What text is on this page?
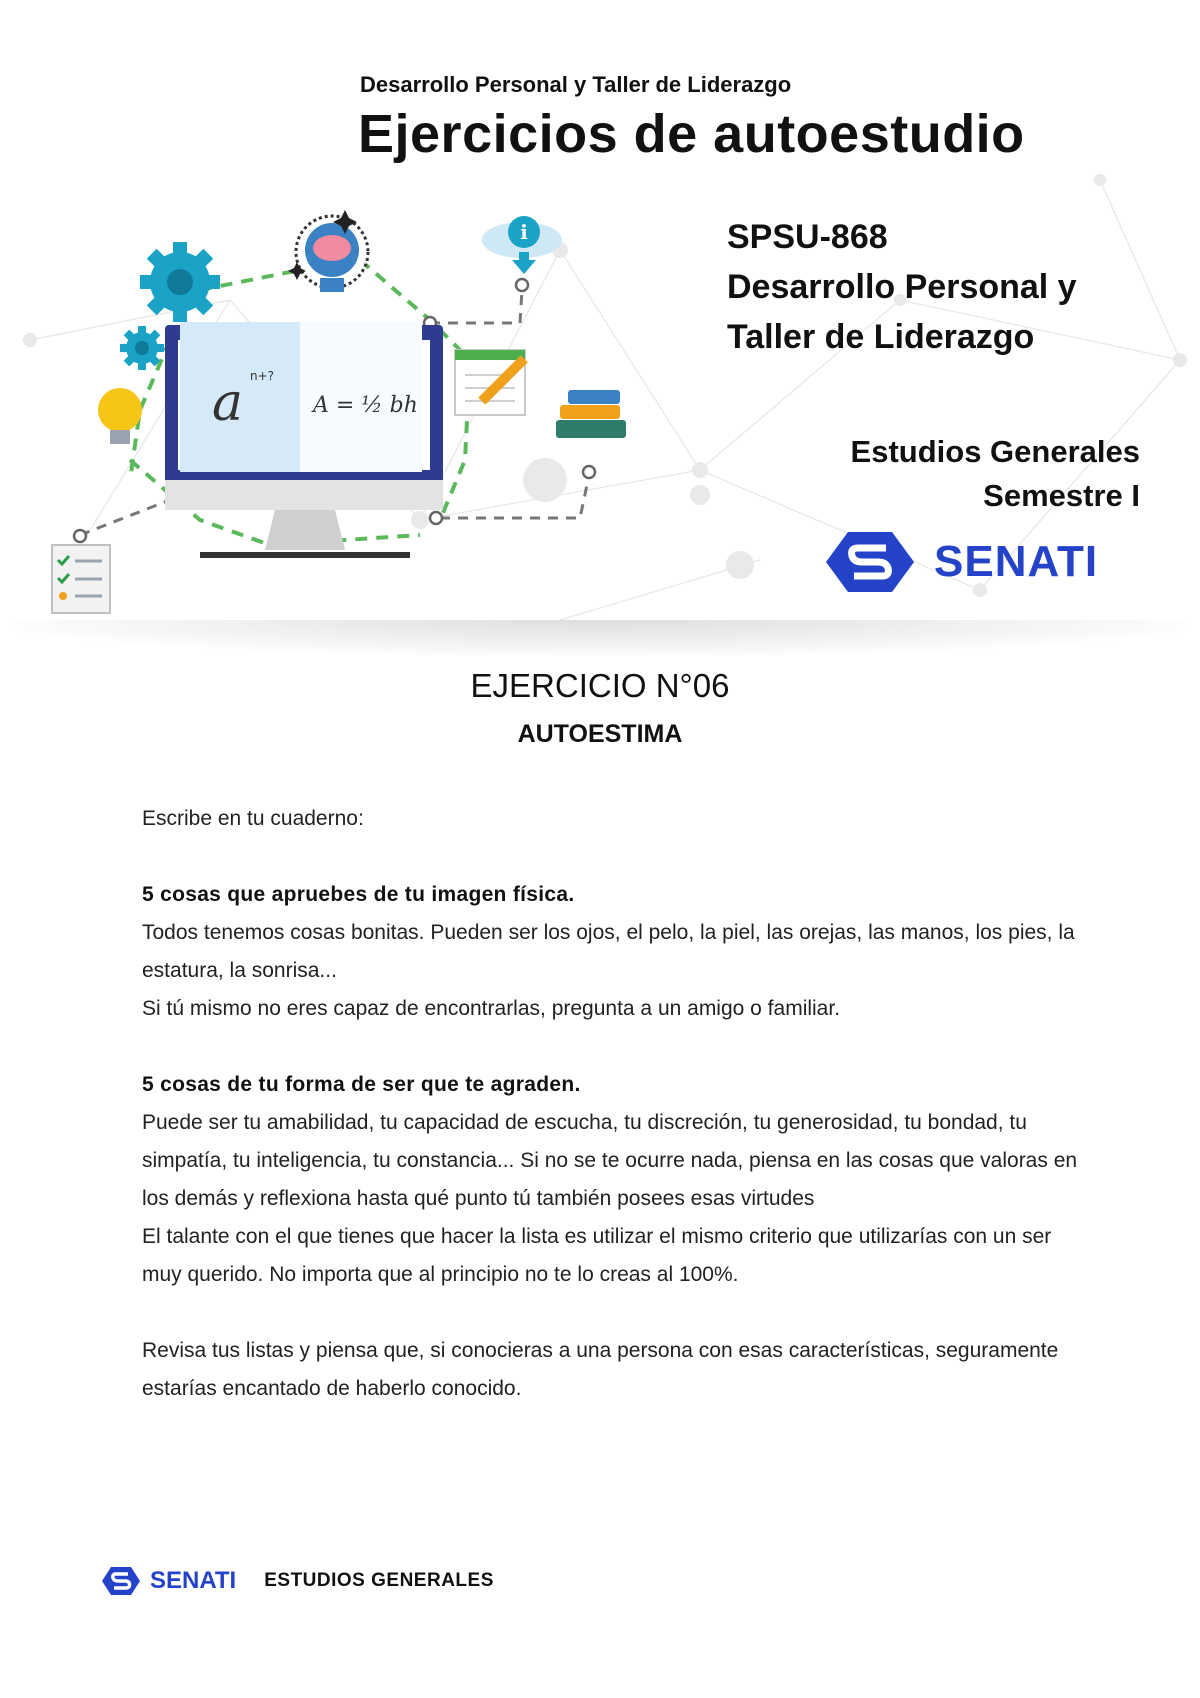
Desarrollo Personal y Taller de Liderazgo
Ejercicios de autoestudio
i
a n+?
A = ½ bh
SPSU-868
Desarrollo Personal y Taller de Liderazgo
Estudios Generales
Semestre I
SENATI
EJERCICIO N°06
AUTOESTIMA

Escribe en tu cuaderno:

5 cosas que apruebes de tu imagen física.

Todos tenemos cosas bonitas. Pueden ser los ojos, el pelo, la piel, las orejas, las manos, los pies, la estatura, la sonrisa...

Si tú mismo no eres capaz de encontrarlas, pregunta a un amigo o familiar.

5 cosas de tu forma de ser que te agraden.

Puede ser tu amabilidad, tu capacidad de escucha, tu discreción, tu generosidad, tu bondad, tu simpatía, tu inteligencia, tu constancia... Si no se te ocurre nada, piensa en las cosas que valoras en los demás y reflexiona hasta qué punto tú también posees esas virtudes

El talante con el que tienes que hacer la lista es utilizar el mismo criterio que utilizarías con un ser muy querido. No importa que al principio no te lo creas al 100%.

Revisa tus listas y piensa que, si conocieras a una persona con esas características, seguramente estarías encantado de haberlo conocido.

SENATI ESTUDIOS GENERALES
